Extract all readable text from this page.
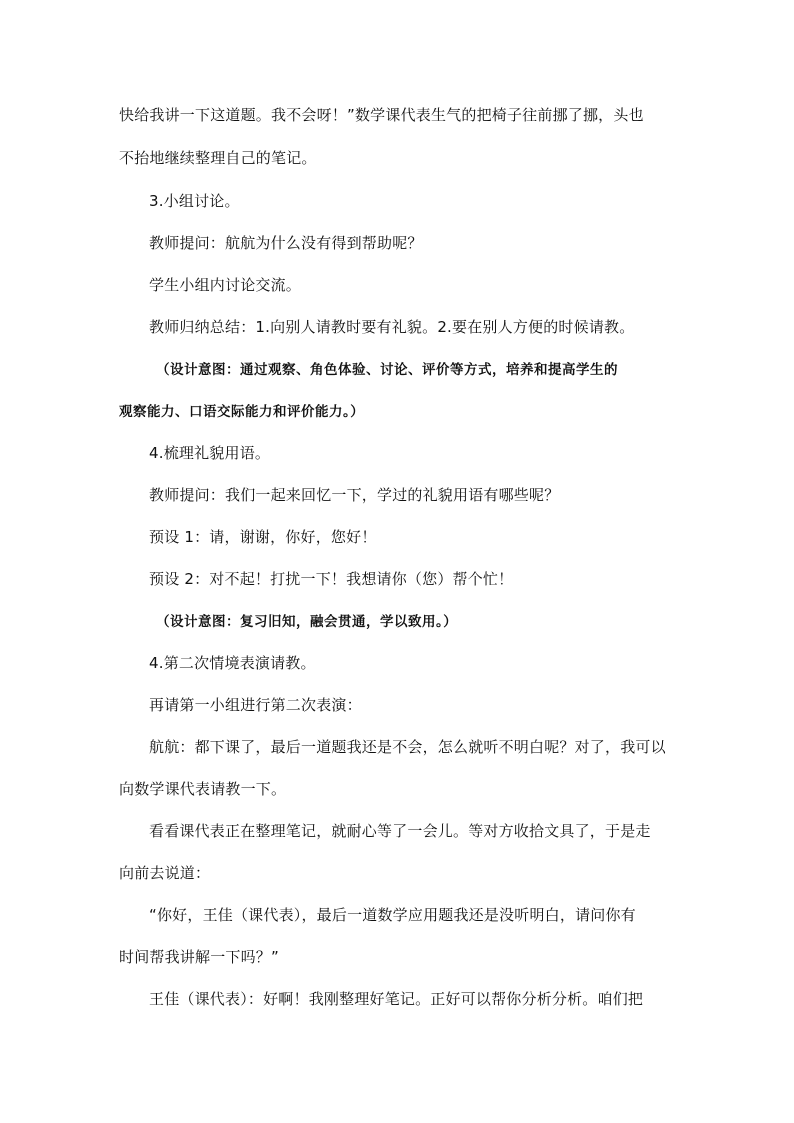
快给我讲一下这道题。我不会呀！”数学课代表生气的把椅子往前挪了挪，头也
不抬地继续整理自己的笔记。
3.小组讨论。
教师提问：航航为什么没有得到帮助呢？
学生小组内讨论交流。
教师归纳总结：1.向别人请教时要有礼貌。2.要在别人方便的时候请教。
（设计意图：通过观察、角色体验、讨论、评价等方式，培养和提高学生的
观察能力、口语交际能力和评价能力。）
4.梳理礼貌用语。
教师提问：我们一起来回忆一下，学过的礼貌用语有哪些呢？
预设 1：请，谢谢，你好，您好！
预设 2：对不起！打扰一下！我想请你（您）帮个忙！
（设计意图：复习旧知，融会贯通，学以致用。）
4.第二次情境表演请教。
再请第一小组进行第二次表演：
航航：都下课了，最后一道题我还是不会，怎么就听不明白呢？对了，我可以
向数学课代表请教一下。
看看课代表正在整理笔记，就耐心等了一会儿。等对方收拾文具了，于是走
向前去说道：
“你好，王佳（课代表），最后一道数学应用题我还是没听明白，请问你有
时间帮我讲解一下吗？”
王佳（课代表）：好啊！我刚整理好笔记。正好可以帮你分析分析。咱们把
